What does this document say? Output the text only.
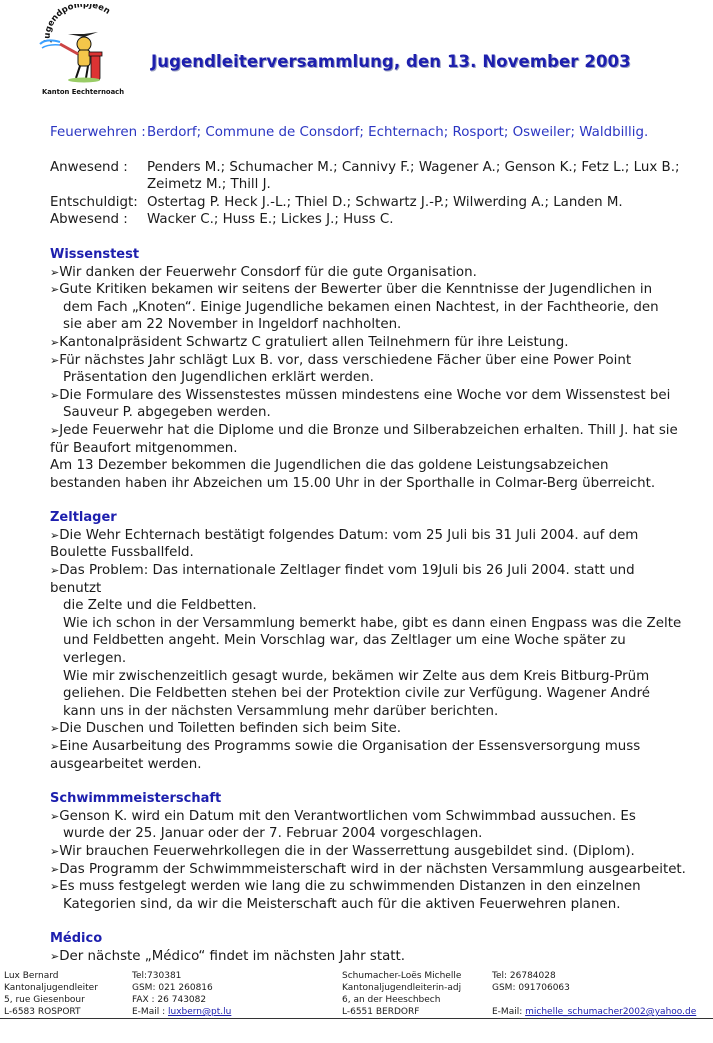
Jugendpompjeen
Kanton Eechternoach
Jugendleiterversammlung, den 13. November 2003
Feuerwehren : Berdorf; Commune de Consdorf; Echternach; Rosport; Osweiler; Waldbillig.
Anwesend :	Penders M.; Schumacher M.; Cannivy F.; Wagener A.; Genson K.; Fetz L.; Lux B.;
Zeimetz M.; Thill J.
Entschuldigt: Ostertag P. Heck J.-L.; Thiel D.; Schwartz J.-P.; Wilwerding A.; Landen M.
Abwesend :	Wacker C.; Huss E.; Lickes J.; Huss C.
Wissenstest
➢Wir danken der Feuerwehr Consdorf für die gute Organisation.
➢Gute Kritiken bekamen wir seitens der Bewerter über die Kenntnisse der Jugendlichen in
dem Fach „Knoten“. Einige Jugendliche bekamen einen Nachtest, in der Fachtheorie, den
sie aber am 22 November in Ingeldorf nachholten.
➢Kantonalpräsident Schwartz C gratuliert allen Teilnehmern für ihre Leistung.
➢Für nächstes Jahr schlägt Lux B. vor, dass verschiedene Fächer über eine Power Point
Präsentation den Jugendlichen erklärt werden.
➢Die Formulare des Wissenstestes müssen mindestens eine Woche vor dem Wissenstest bei
Sauveur P. abgegeben werden.
➢Jede Feuerwehr hat die Diplome und die Bronze und Silberabzeichen erhalten. Thill J. hat sie
für Beaufort mitgenommen.
Am 13 Dezember bekommen die Jugendlichen die das goldene Leistungsabzeichen
bestanden haben ihr Abzeichen um 15.00 Uhr in der Sporthalle in Colmar-Berg überreicht.
Zeltlager
➢Die Wehr Echternach bestätigt folgendes Datum: vom 25 Juli bis 31 Juli 2004. auf dem
Boulette Fussballfeld.
➢Das Problem: Das internationale Zeltlager findet vom 19Juli bis 26 Juli 2004. statt und benutzt
die Zelte und die Feldbetten.
Wie ich schon in der Versammlung bemerkt habe, gibt es dann einen Engpass was die Zelte
und Feldbetten angeht. Mein Vorschlag war, das Zeltlager um eine Woche später zu
verlegen.
Wie mir zwischenzeitlich gesagt wurde, bekämen wir Zelte aus dem Kreis Bitburg-Prüm
geliehen. Die Feldbetten stehen bei der Protektion civile zur Verfügung. Wagener André
kann uns in der nächsten Versammlung mehr darüber berichten.
➢Die Duschen und Toiletten befinden sich beim Site.
➢Eine Ausarbeitung des Programms sowie die Organisation der Essensversorgung muss
ausgearbeitet werden.
Schwimmmeisterschaft
➢Genson K. wird ein Datum mit den Verantwortlichen vom Schwimmbad aussuchen. Es
wurde der 25. Januar oder der 7. Februar 2004 vorgeschlagen.
➢Wir brauchen Feuerwehrkollegen die in der Wasserrettung ausgebildet sind. (Diplom).
➢Das Programm der Schwimmmeisterschaft wird in der nächsten Versammlung ausgearbeitet.
➢Es muss festgelegt werden wie lang die zu schwimmenden Distanzen in den einzelnen
Kategorien sind, da wir die Meisterschaft auch für die aktiven Feuerwehren planen.
Médico
➢Der nächste „Médico“ findet im nächsten Jahr statt.
Lux Bernard
Kantonaljugendleiter
5, rue Giesenbour
L-6583 ROSPORT
Tel:730381
GSM: 021 260816
FAX : 26 743082
E-Mail : luxbern@pt.lu
Schumacher-Loës Michelle
Kantonaljugendleiterin-adj
6, an der Heeschbech
L-6551 BERDORF
Tel: 26784028
GSM: 091706063

E-Mail: michelle_schumacher2002@yahoo.de
